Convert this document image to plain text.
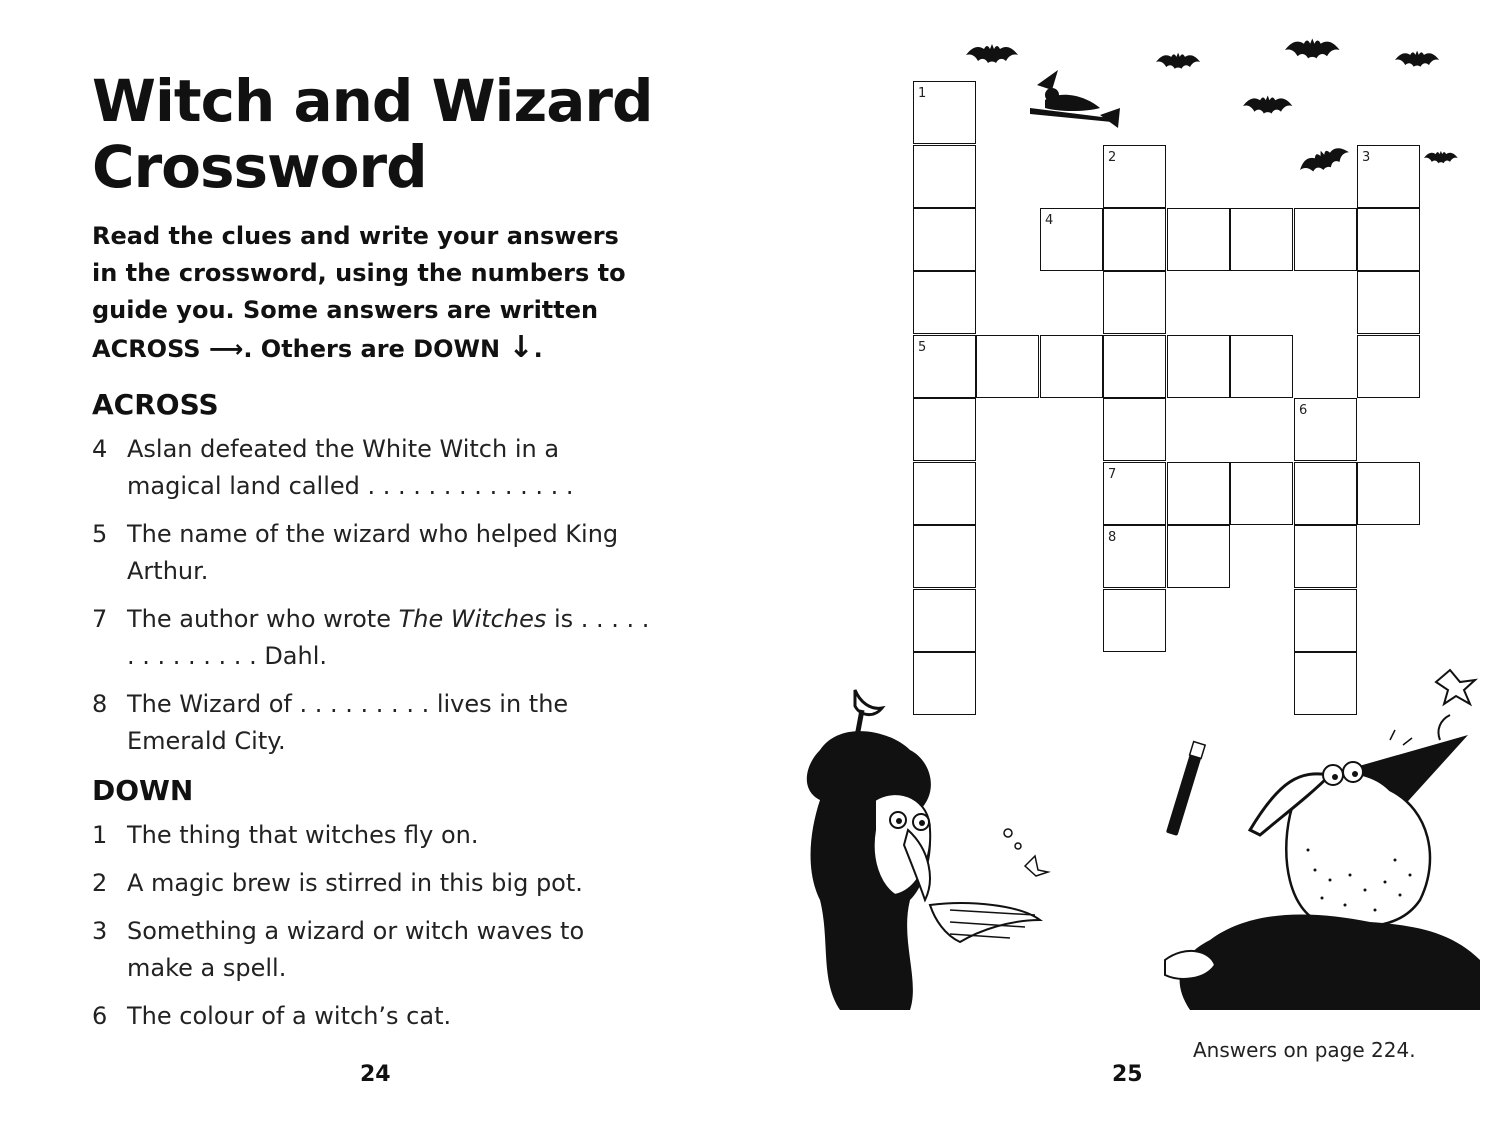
Witch and Wizard
Crossword

Read the clues and write your answers in the crossword, using the numbers to guide you. Some answers are written ACROSS ⟶. Others are DOWN ↓.

ACROSS
4 Aslan defeated the White Witch in a magical land called . . . . . . . . . . . . . .
5 The name of the wizard who helped King Arthur.
7 The author who wrote The Witches is . . . . . . . . . . . . . . Dahl.
8 The Wizard of . . . . . . . . . lives in the Emerald City.
DOWN
1 The thing that witches fly on.
2 A magic brew is stirred in this big pot.
3 Something a wizard or witch waves to make a spell.
6 The colour of a witch’s cat.
24
1
5
2
7
8
4
3
6
Answers on page 224.
25
